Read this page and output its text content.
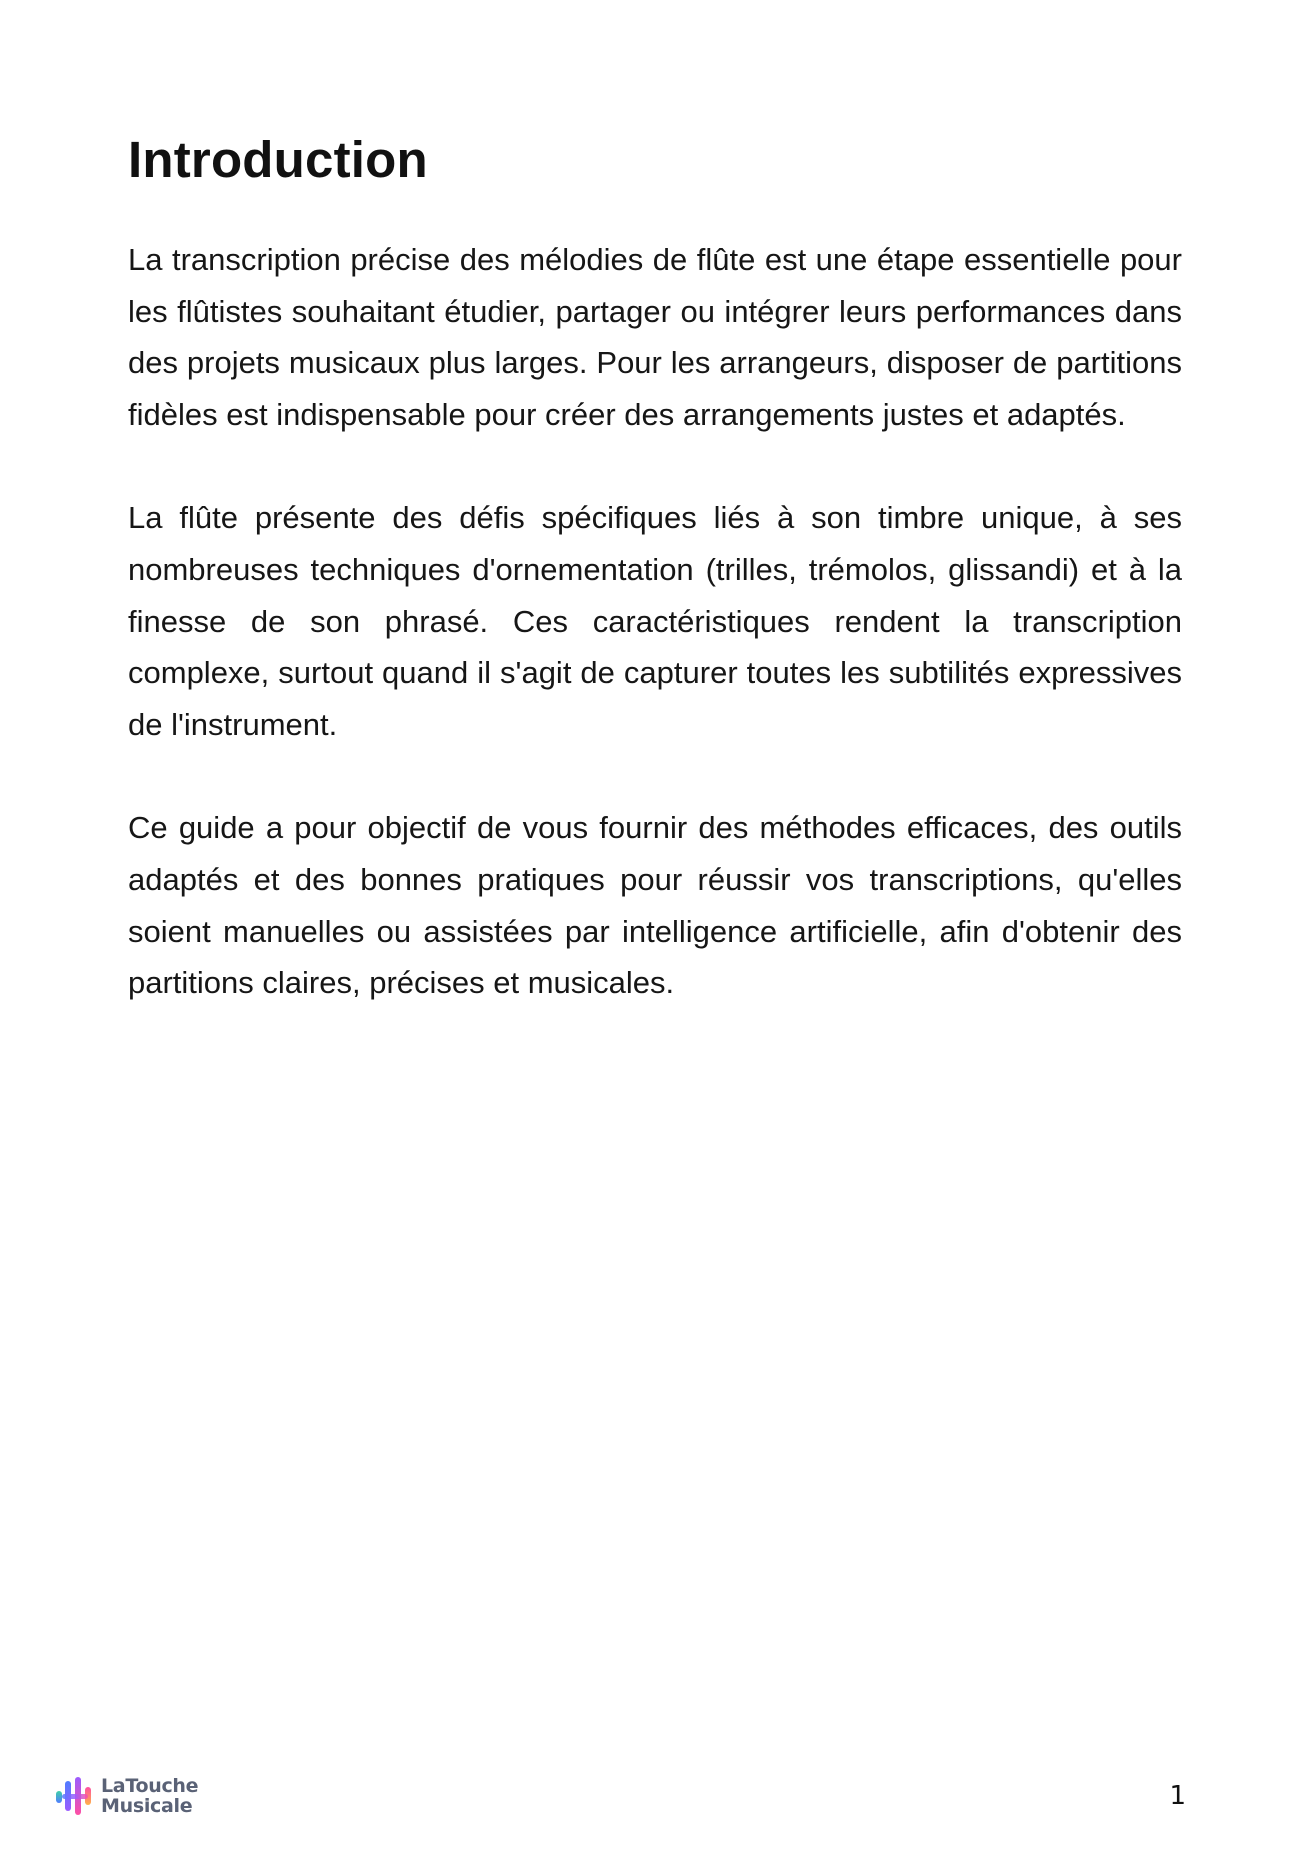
Introduction

La transcription précise des mélodies de flûte est une étape essentielle pour les flûtistes souhaitant étudier, partager ou intégrer leurs performances dans des projets musicaux plus larges. Pour les arrangeurs, disposer de partitions fidèles est indispensable pour créer des arrangements justes et adaptés.

La flûte présente des défis spécifiques liés à son timbre unique, à ses nombreuses techniques d'ornementation (trilles, trémolos, glissandi) et à la finesse de son phrasé. Ces caractéristiques rendent la transcription complexe, surtout quand il s'agit de capturer toutes les subtilités expressives de l'instrument.

Ce guide a pour objectif de vous fournir des méthodes efficaces, des outils adaptés et des bonnes pratiques pour réussir vos transcriptions, qu'elles soient manuelles ou assistées par intelligence artificielle, afin d'obtenir des partitions claires, précises et musicales.

LaTouche
Musicale	1
